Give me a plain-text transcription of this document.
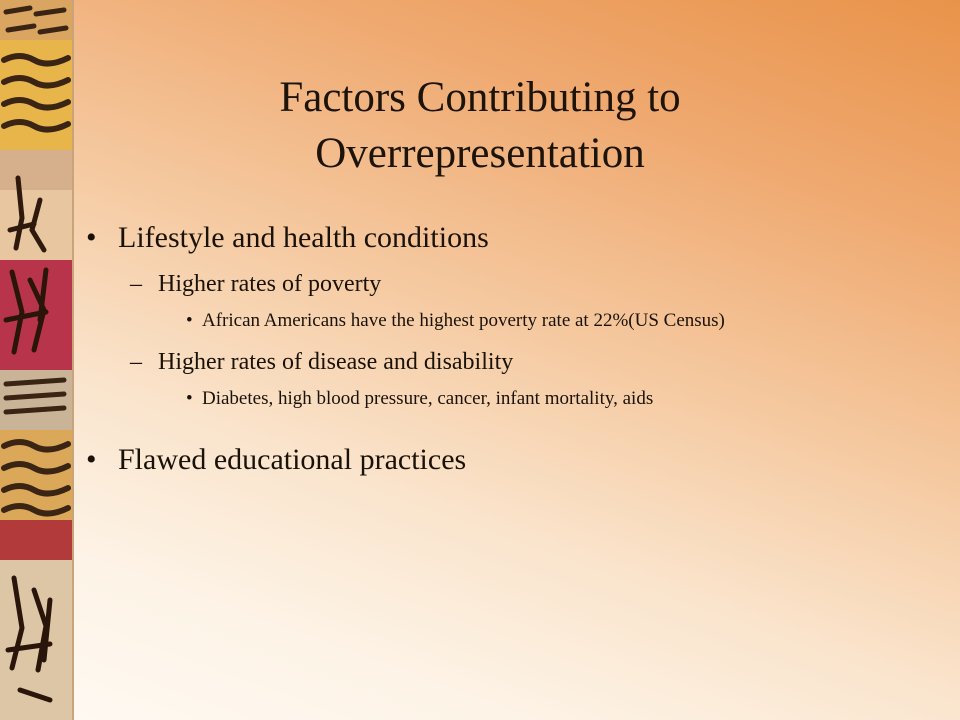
Factors Contributing to
Overrepresentation

• Lifestyle and health conditions

– Higher rates of poverty

• African Americans have the highest poverty rate at 22%(US Census)

– Higher rates of disease and disability

• Diabetes, high blood pressure, cancer, infant mortality, aids

• Flawed educational practices
